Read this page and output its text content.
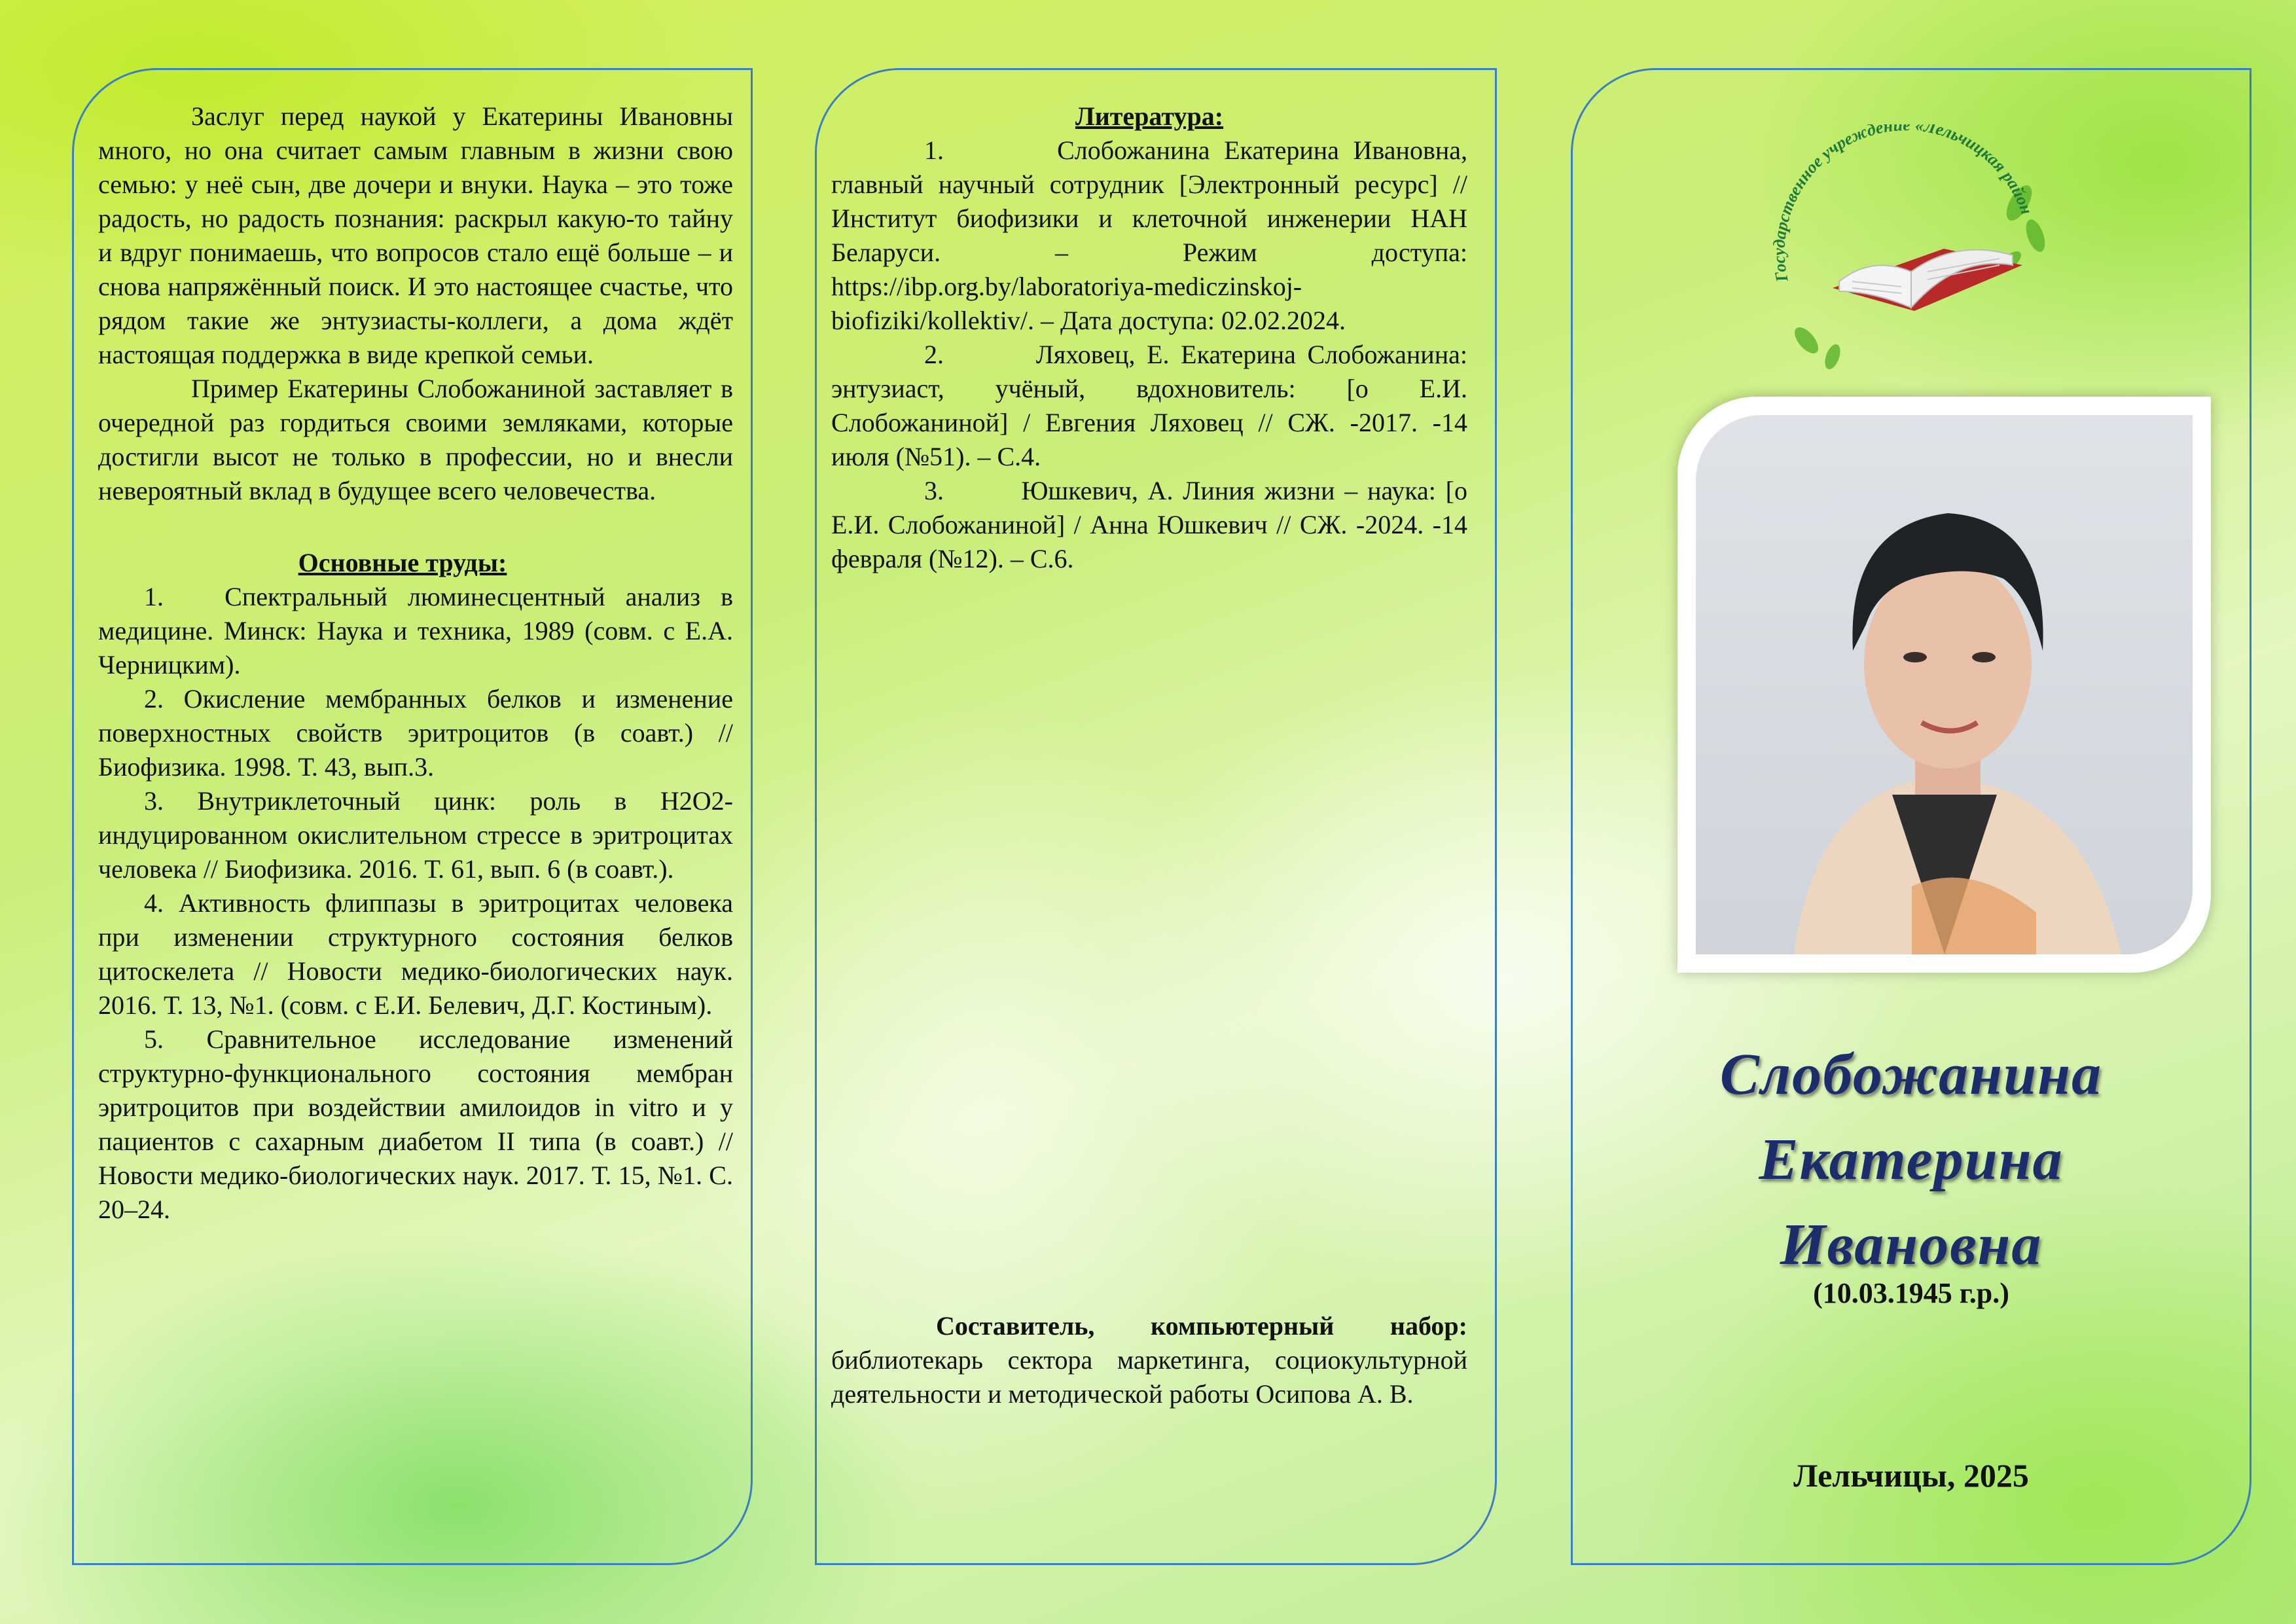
Заслуг перед наукой у Екатерины Ивановны много, но она считает самым главным в жизни свою семью: у неё сын, две дочери и внуки. Наука – это тоже радость, но радость познания: раскрыл какую-то тайну и вдруг понимаешь, что вопросов стало ещё больше – и снова напряжённый поиск. И это настоящее счастье, что рядом такие же энтузиасты-коллеги, а дома ждёт настоящая поддержка в виде крепкой семьи.

Пример Екатерины Слобожаниной заставляет в очередной раз гордиться своими земляками, которые достигли высот не только в профессии, но и внесли невероятный вклад в будущее всего человечества.

Основные труды:

1.   Спектральный люминесцентный анализ в медицине. Минск: Наука и техника, 1989 (совм. с Е.А. Черницким).

2. Окисление мембранных белков и изменение поверхностных свойств эритроцитов (в соавт.) // Биофизика. 1998. Т. 43, вып.3.

3. Внутриклеточный цинк: роль в H2O2-индуцированном окислительном стрессе в эритроцитах человека // Биофизика. 2016. Т. 61, вып. 6 (в соавт.).

4. Активность флиппазы в эритроцитах человека при изменении структурного состояния белков цитоскелета // Новости медико-биологических наук. 2016. Т. 13, №1. (совм. с Е.И. Белевич, Д.Г. Костиным).

5. Сравнительное исследование изменений структурно-функционального состояния мембран эритроцитов при воздействии амилоидов in vitro и у пациентов с сахарным диабетом II типа (в соавт.) // Новости медико-биологических наук. 2017. Т. 15, №1. С. 20–24.

Литература:

1.        Слобожанина Екатерина Ивановна, главный научный сотрудник [Электронный ресурс] // Институт биофизики и клеточной инженерии НАН Беларуси. – Режим доступа: https://ibp.org.by/laboratoriya-mediczinskoj-biofiziki/kollektiv/. – Дата доступа: 02.02.2024.

2.        Ляховец, Е. Екатерина Слобожанина: энтузиаст, учёный, вдохновитель: [о Е.И. Слобожаниной] / Евгения Ляховец // СЖ. -2017. -14 июля (№51). – С.4.

3.        Юшкевич, А. Линия жизни – наука: [о Е.И. Слобожаниной] / Анна Юшкевич // СЖ. -2024. -14 февраля (№12). – С.6.

Составитель, компьютерный набор: библиотекарь сектора маркетинга, социокультурной деятельности и методической работы Осипова А. В.

Государственное учреждение «Лельчицкая район
Слобожанина
Екатерина
Ивановна
(10.03.1945 г.р.)
Лельчицы, 2025
